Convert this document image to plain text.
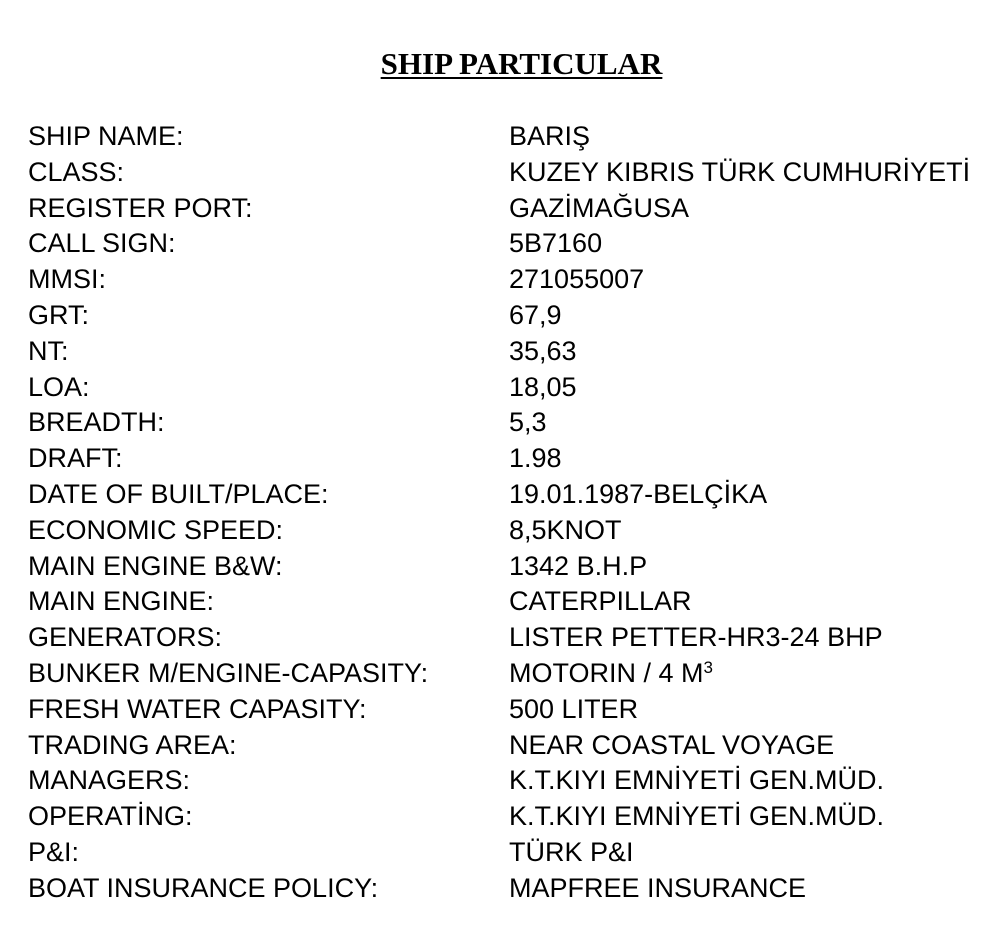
SHIP PARTICULAR
SHIP NAME:	BARIŞ
CLASS:	KUZEY KIBRIS TÜRK CUMHURİYETİ
REGISTER PORT:	GAZİMAĞUSA
CALL SIGN:	5B7160
MMSI:	271055007
GRT:	67,9
NT:	35,63
LOA:	18,05
BREADTH:	5,3
DRAFT:	1.98
DATE OF BUILT/PLACE:	19.01.1987-BELÇİKA
ECONOMIC SPEED:	8,5KNOT
MAIN ENGINE B&W:	1342 B.H.P
MAIN ENGINE:	CATERPILLAR
GENERATORS:	LISTER PETTER-HR3-24 BHP
BUNKER M/ENGINE-CAPASITY:	MOTORIN / 4 $M^3$
FRESH WATER CAPASITY:	500 LITER
TRADING AREA:	NEAR COASTAL VOYAGE
MANAGERS:	K.T.KIYI EMNİYETİ GEN.MÜD.
OPERATİNG:	K.T.KIYI EMNİYETİ GEN.MÜD.
P&I:	TÜRK P&I
BOAT INSURANCE POLICY:	MAPFREE INSURANCE
